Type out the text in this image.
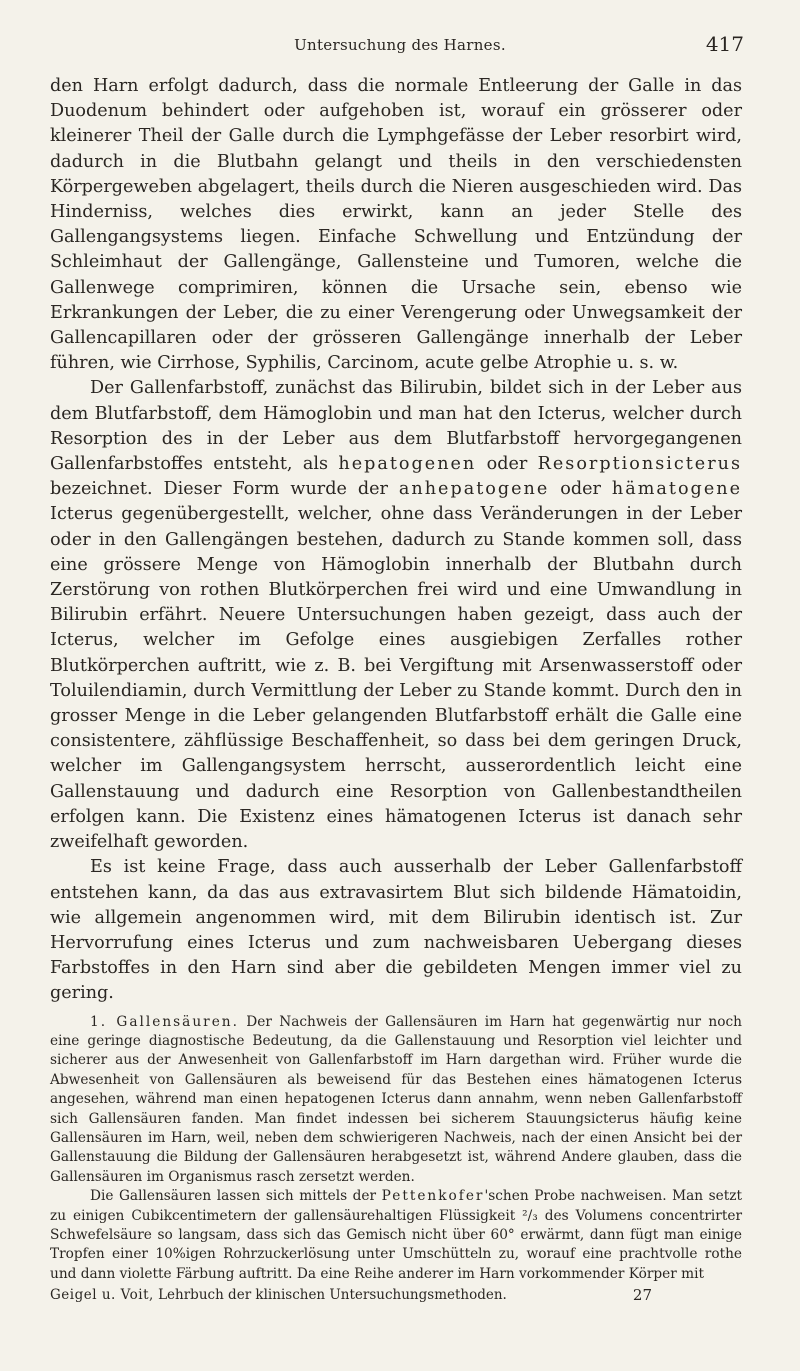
Untersuchung des Harnes.	417

den Harn erfolgt dadurch, dass die normale Entleerung der Galle in das Duodenum behindert oder aufgehoben ist, worauf ein grösserer oder kleinerer Theil der Galle durch die Lymphgefässe der Leber resorbirt wird, dadurch in die Blutbahn gelangt und theils in den verschiedensten Körpergeweben abgelagert, theils durch die Nieren ausgeschieden wird. Das Hinderniss, welches dies erwirkt, kann an jeder Stelle des Gallengangsystems liegen. Einfache Schwellung und Entzündung der Schleimhaut der Gallengänge, Gallensteine und Tumoren, welche die Gallenwege comprimiren, können die Ursache sein, ebenso wie Erkrankungen der Leber, die zu einer Verengerung oder Unwegsamkeit der Gallencapillaren oder der grösseren Gallengänge innerhalb der Leber führen, wie Cirrhose, Syphilis, Carcinom, acute gelbe Atrophie u. s. w.

Der Gallenfarbstoff, zunächst das Bilirubin, bildet sich in der Leber aus dem Blutfarbstoff, dem Hämoglobin und man hat den Icterus, welcher durch Resorption des in der Leber aus dem Blutfarbstoff hervorgegangenen Gallenfarbstoffes entsteht, als hepatogenen oder Resorptionsicterus bezeichnet. Dieser Form wurde der anhepatogene oder hämatogene Icterus gegenübergestellt, welcher, ohne dass Veränderungen in der Leber oder in den Gallengängen bestehen, dadurch zu Stande kommen soll, dass eine grössere Menge von Hämoglobin innerhalb der Blutbahn durch Zerstörung von rothen Blutkörperchen frei wird und eine Umwandlung in Bilirubin erfährt. Neuere Untersuchungen haben gezeigt, dass auch der Icterus, welcher im Gefolge eines ausgiebigen Zerfalles rother Blutkörperchen auftritt, wie z. B. bei Vergiftung mit Arsenwasserstoff oder Toluilendiamin, durch Vermittlung der Leber zu Stande kommt. Durch den in grosser Menge in die Leber gelangenden Blutfarbstoff erhält die Galle eine consistentere, zähflüssige Beschaffenheit, so dass bei dem geringen Druck, welcher im Gallengangsystem herrscht, ausserordentlich leicht eine Gallenstauung und dadurch eine Resorption von Gallenbestandtheilen erfolgen kann. Die Existenz eines hämatogenen Icterus ist danach sehr zweifelhaft geworden.

Es ist keine Frage, dass auch ausserhalb der Leber Gallenfarbstoff entstehen kann, da das aus extravasirtem Blut sich bildende Hämatoidin, wie allgemein angenommen wird, mit dem Bilirubin identisch ist. Zur Hervorrufung eines Icterus und zum nachweisbaren Uebergang dieses Farbstoffes in den Harn sind aber die gebildeten Mengen immer viel zu gering.

1. Gallensäuren. Der Nachweis der Gallensäuren im Harn hat gegenwärtig nur noch eine geringe diagnostische Bedeutung, da die Gallenstauung und Resorption viel leichter und sicherer aus der Anwesenheit von Gallenfarbstoff im Harn dargethan wird. Früher wurde die Abwesenheit von Gallensäuren als beweisend für das Bestehen eines hämatogenen Icterus angesehen, während man einen hepatogenen Icterus dann annahm, wenn neben Gallenfarbstoff sich Gallensäuren fanden. Man findet indessen bei sicherem Stauungsicterus häufig keine Gallensäuren im Harn, weil, neben dem schwierigeren Nachweis, nach der einen Ansicht bei der Gallenstauung die Bildung der Gallensäuren herabgesetzt ist, während Andere glauben, dass die Gallensäuren im Organismus rasch zersetzt werden.

Die Gallensäuren lassen sich mittels der Pettenkofer'schen Probe nachweisen. Man setzt zu einigen Cubikcentimetern der gallensäurehaltigen Flüssigkeit ²/₃ des Volumens concentrirter Schwefelsäure so langsam, dass sich das Gemisch nicht über 60° erwärmt, dann fügt man einige Tropfen einer 10%igen Rohrzuckerlösung unter Umschütteln zu, worauf eine prachtvolle rothe und dann violette Färbung auftritt. Da eine Reihe anderer im Harn vorkommender Körper mit

Geigel u. Voit, Lehrbuch der klinischen Untersuchungsmethoden.	27
